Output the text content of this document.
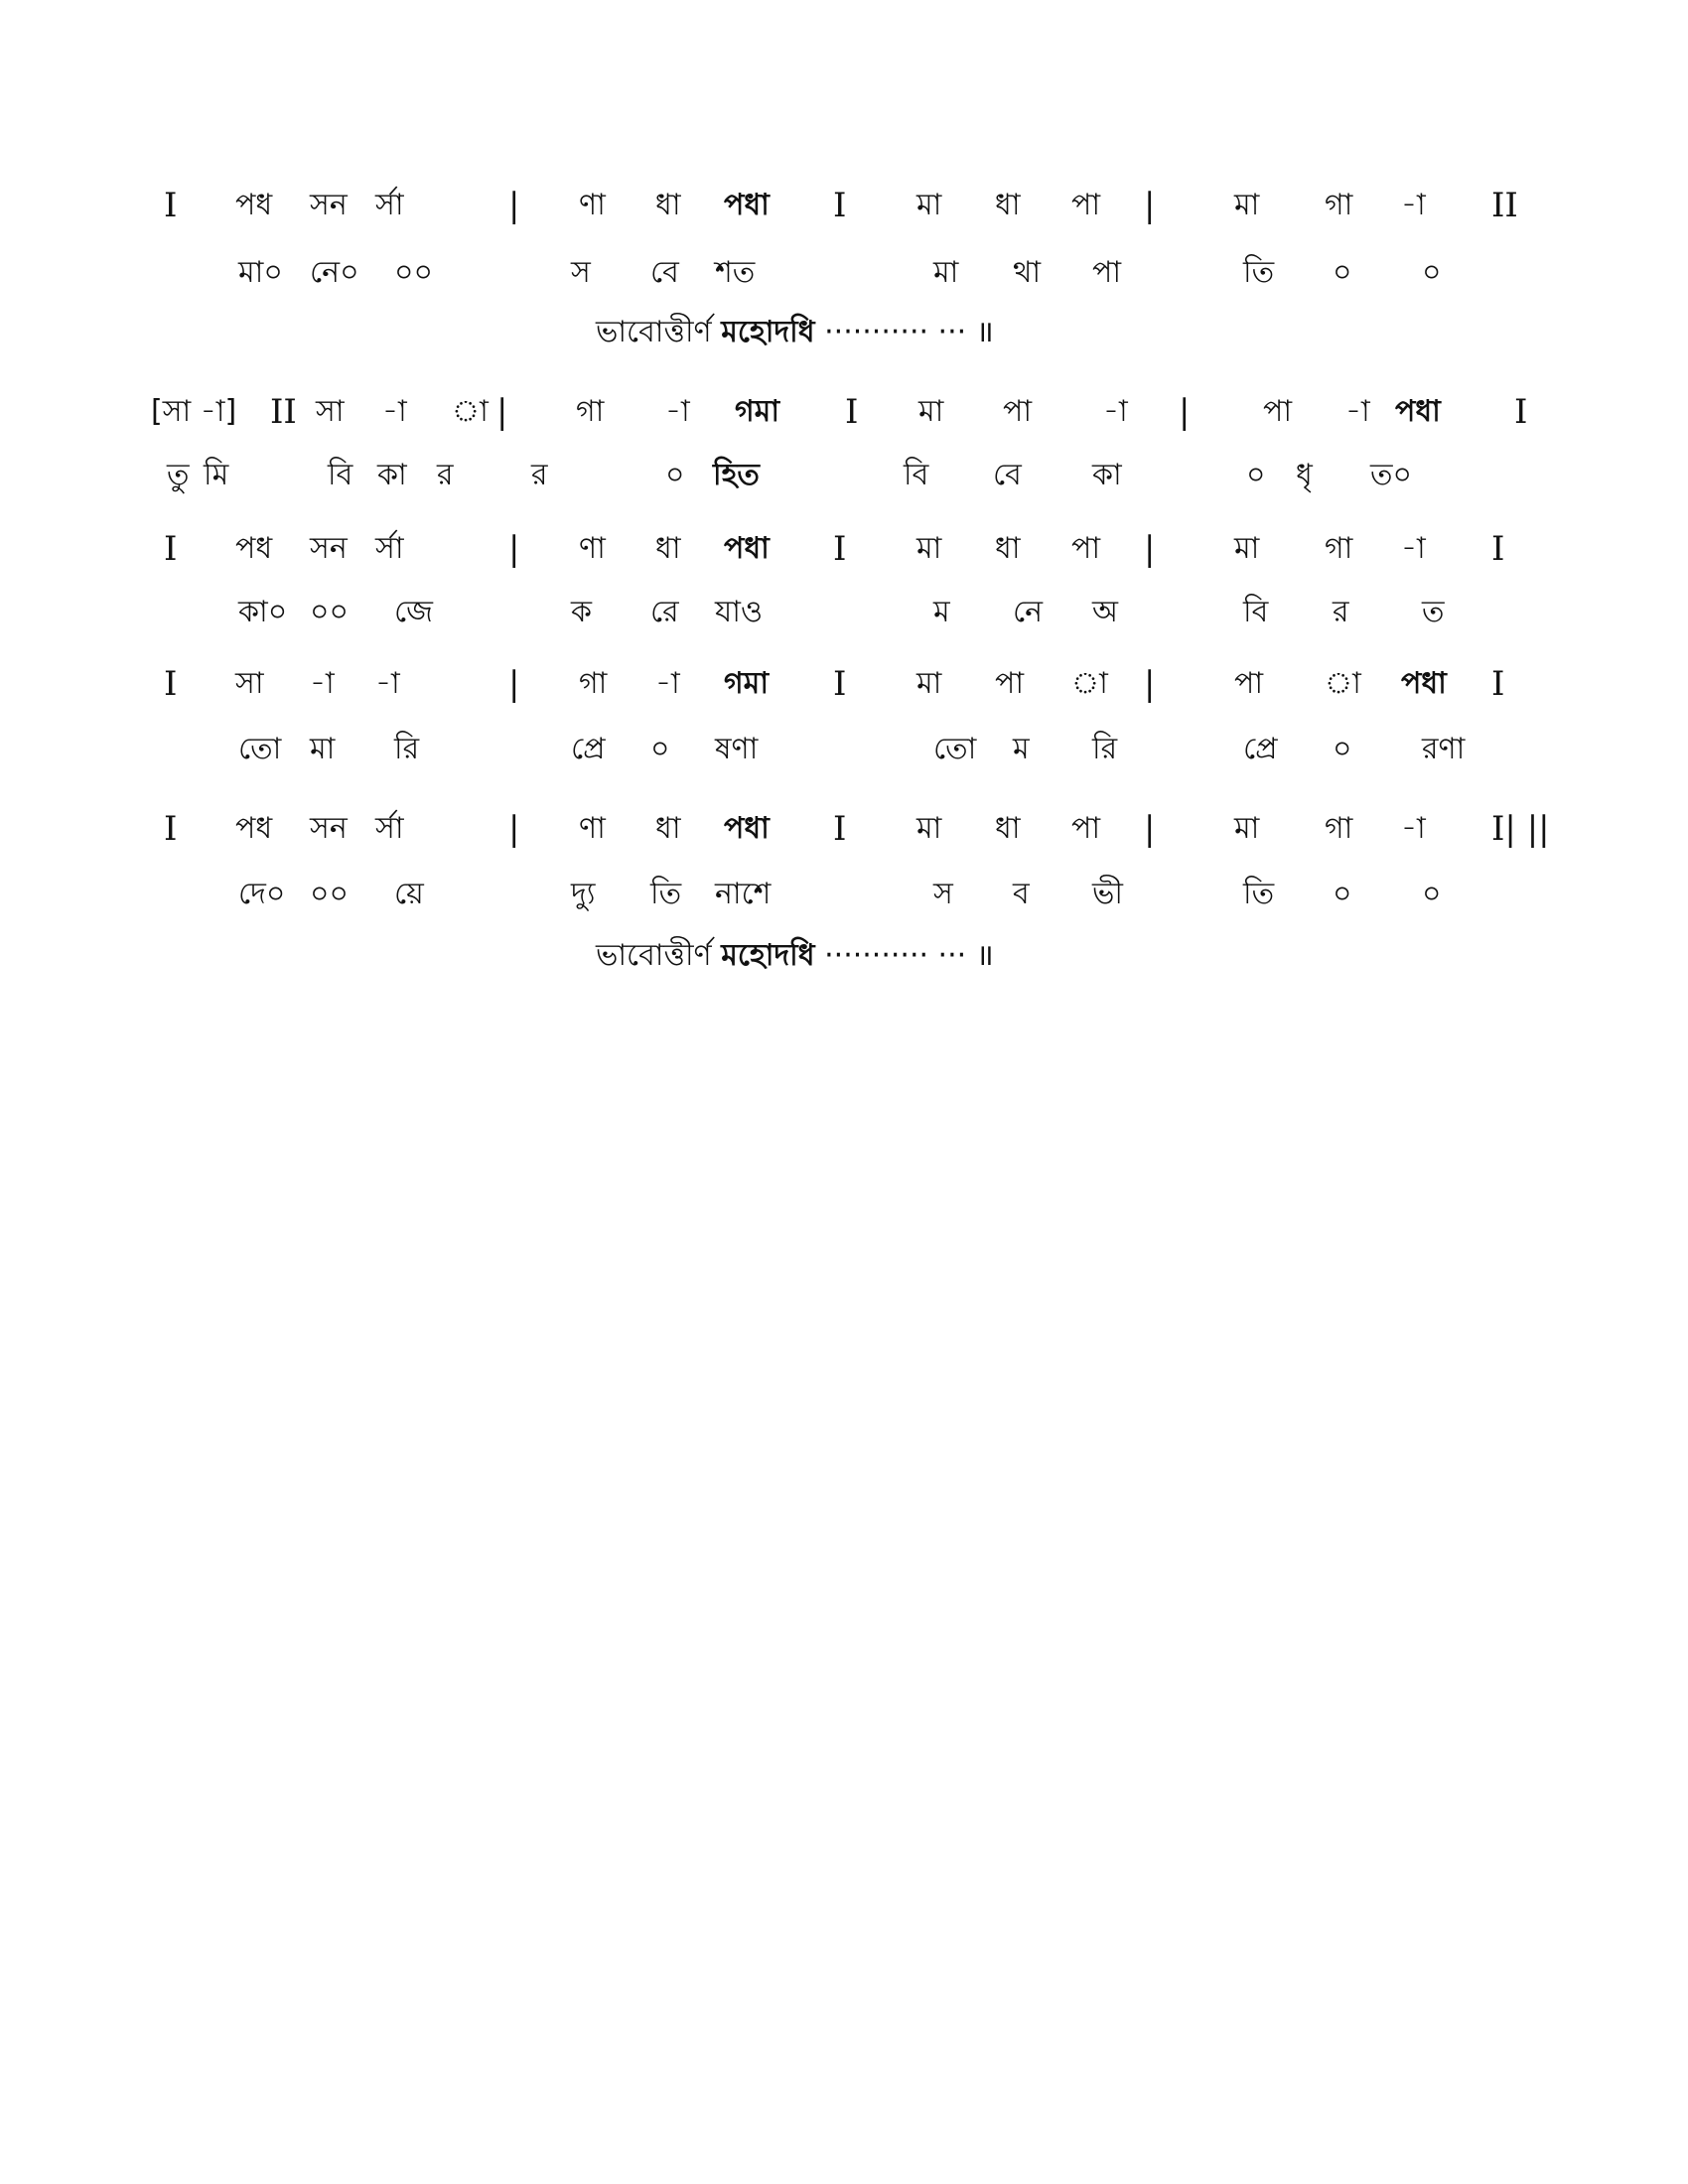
I পধ সন র্সা	| ণা ধা পধা I মা ধা পা |	মা গা -া II
মা০ নে০ ০০	স বে শত	মা থা পা	তি ০ ০
ভাবোত্তীর্ণ মহোদধি ··········· ··· ॥
[সা -া] II সা -া া | গা -া গমা I মা পা -া | পা -া পধা I
তু মি	বি কা র	র	০ হিত	বি বে কা	০ ধৃ ত০
I পধ সন র্সা	| ণা ধা পধা I মা ধা পা |	মা গা -া I
কা০ ০০ জে	ক রে যাও	ম নে অ	বি র ত
I সা -া -া	| গা -া গমা I মা পা া |	পা া পধা I
তো মা রি	প্রে ০ ষণা	তো ম রি	প্রে ০ রণা
I পধ সন র্সা	| ণা ধা পধা I মা ধা পা |	মা গা -া I| ||
দে০ ০০ য়ে	দ্যু তি নাশে	স ব ভী	তি ০ ০
ভাবোত্তীর্ণ মহোদধি ··········· ··· ॥
